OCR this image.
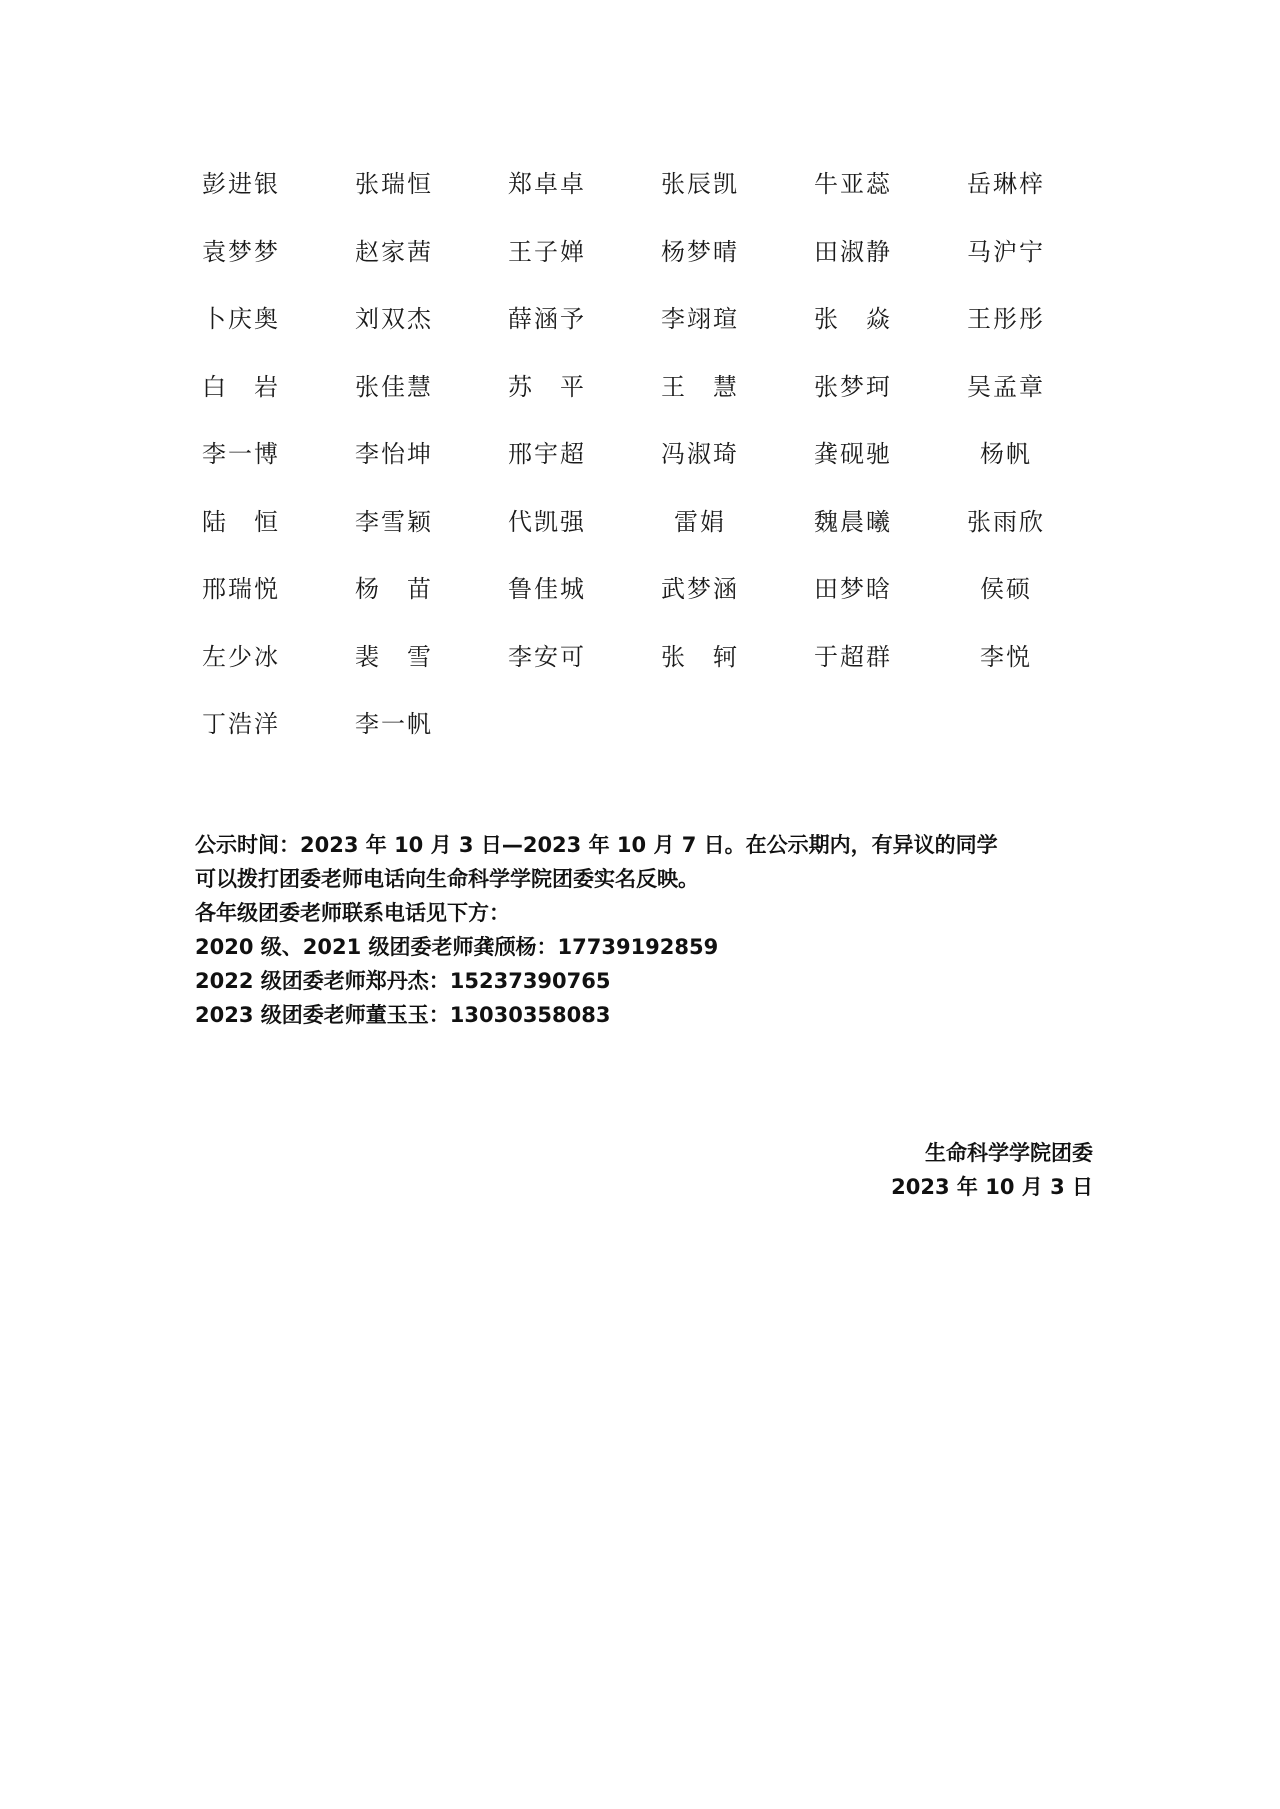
彭进银	张瑞恒	郑卓卓	张辰凯	牛亚蕊	岳琳梓
袁梦梦	赵家茜	王子婵	杨梦晴	田淑静	马沪宁
卜庆奥	刘双杰	薛涵予	李翊瑄	张　焱	王彤彤
白　岩	张佳慧	苏　平	王　慧	张梦珂	吴孟章
李一博	李怡坤	邢宇超	冯淑琦	龚砚驰	杨帆
陆　恒	李雪颖	代凯强	雷娟	魏晨曦	张雨欣
邢瑞悦	杨　苗	鲁佳城	武梦涵	田梦晗	侯硕
左少冰	裴　雪	李安可	张　轲	于超群	李悦
丁浩洋	李一帆

公示时间：2023 年 10 月 3 日—2023 年 10 月 7 日。在公示期内，有异议的同学

可以拨打团委老师电话向生命科学学院团委实名反映。

各年级团委老师联系电话见下方：

2020 级、2021 级团委老师龚颀杨：17739192859

2022 级团委老师郑丹杰：15237390765

2023 级团委老师董玉玉：13030358083

生命科学学院团委

2023 年 10 月 3 日
